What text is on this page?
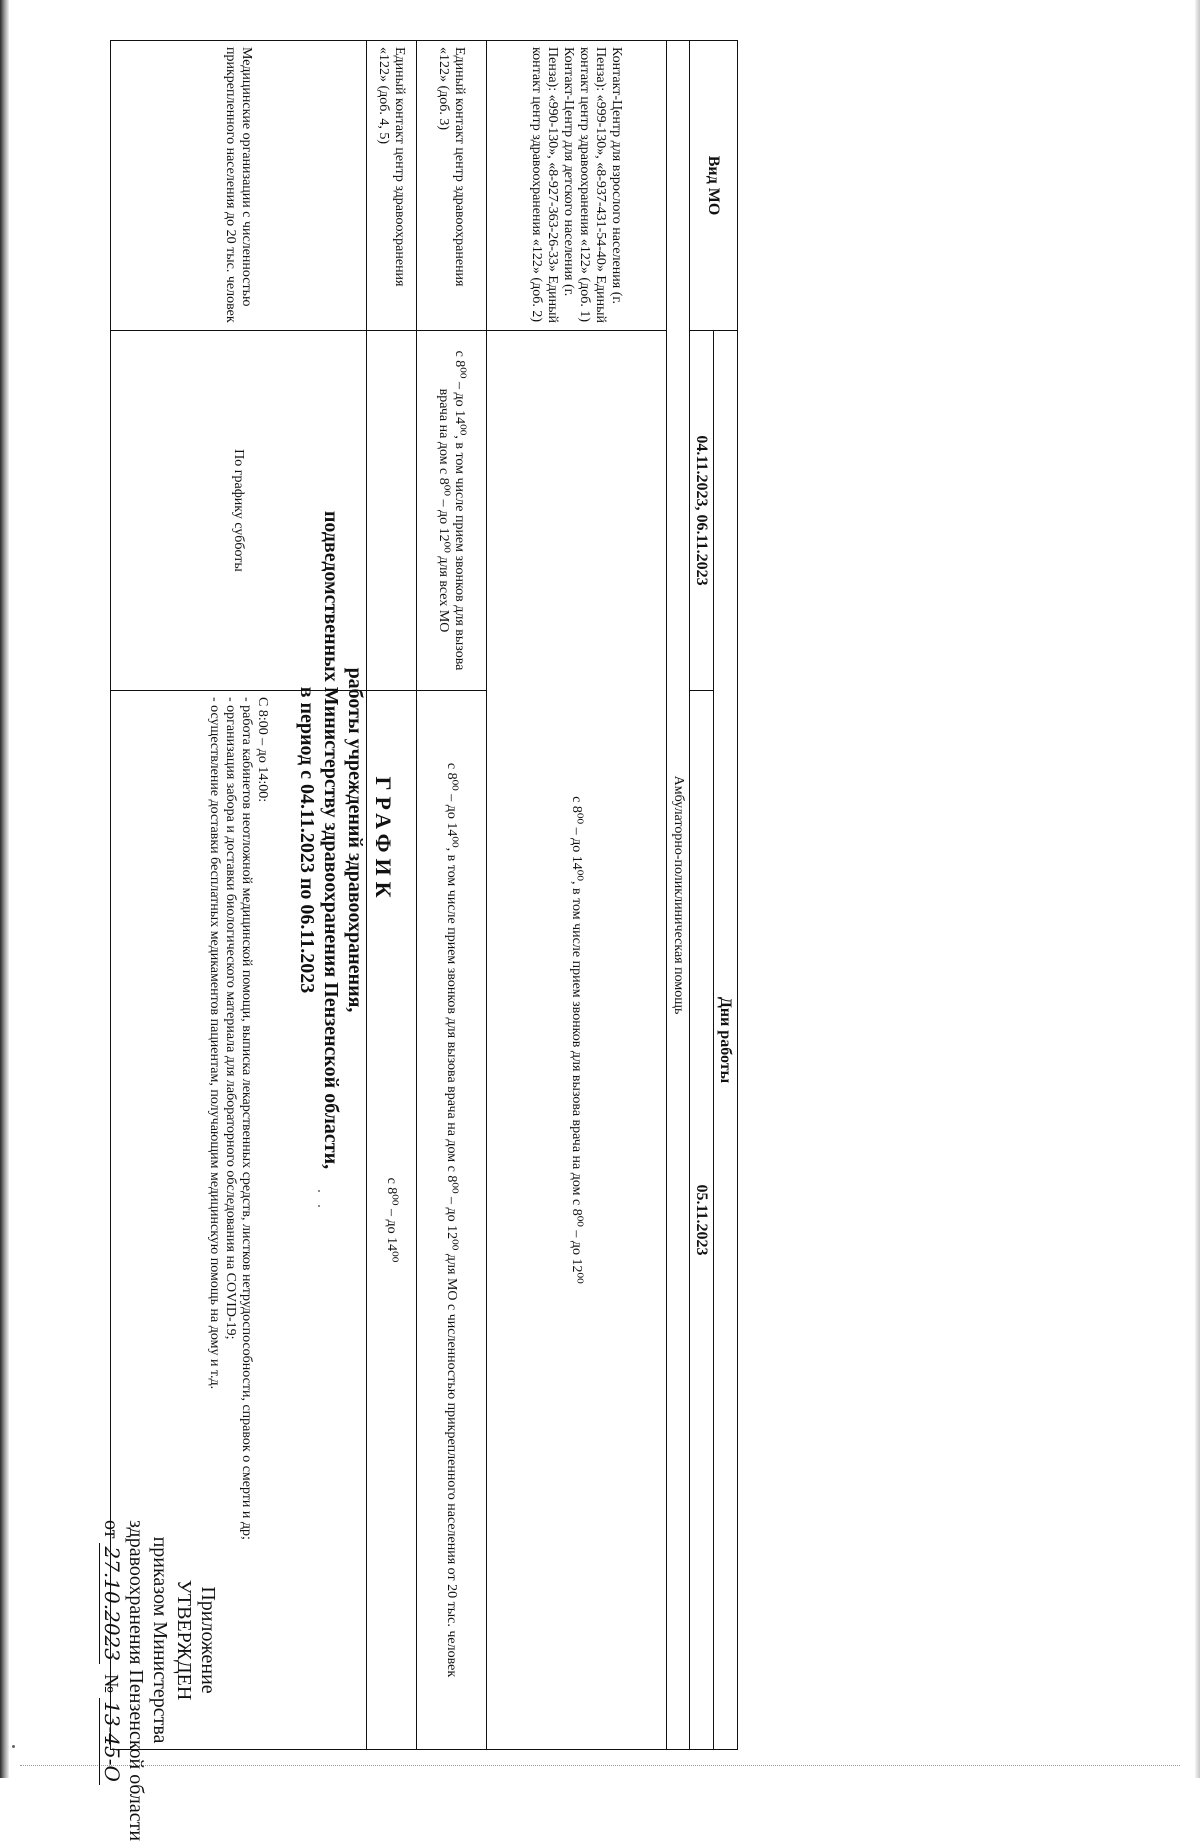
Приложение
УТВЕРЖДЕН
приказом Министерства
здравоохранения Пензенской области
от 27.10.2023  № 13-45-О
ГРАФИК
работы учреждений здравоохранения,
подведомственных Министерству здравоохранения Пензенской области,
в период с 04.11.2023 по 06.11.2023
Вид МО	Дни работы	
	04.11.2023, 06.11.2023	05.11.2023
Амбулаторно-поликлиническая помощь		
Контакт-Центр для взрослого населения (г. Пенза): «999-130», «8-937-431-54-40» Единый контакт центр здравоохранения «122» (доб. 1) Контакт-Центр для детского населения (г. Пенза): «990-130», «8-927-363-26-33» Единый контакт центр здравоохранения «122» (доб. 2)	с 8⁰⁰ – до 14⁰⁰, в том числе прием звонков для вызова врача на дом с 8⁰⁰ – до 12⁰⁰	
Единый контакт центр здравоохранения «122» (доб. 3)	с 8⁰⁰ – до 14⁰⁰, в том числе прием звонков для вызова врача на дом с 8⁰⁰ – до 12⁰⁰ для всех МО	с 8⁰⁰ – до 14⁰⁰, в том числе прием звонков для вызова врача на дом с 8⁰⁰ – до 12⁰⁰ для МО с численностью прикрепленного населения от 20 тыс. человек
Единый контакт центр здравоохранения «122» (доб. 4, 5)		с 8⁰⁰ – до 14⁰⁰
Медицинские организации с численностью прикрепленного населения до 20 тыс. человек	По графику субботы	С 8:00 – до 14:00:
- работа кабинетов неотложной медицинской помощи, выписка лекарственных средств, листков нетрудоспособности, справок о смерти и др;
- организация забора и доставки биологического материала для лабораторного обследования на COVID-19;
- осуществление доставки бесплатных медикаментов пациентам, получающим медицинскую помощь на дому и т.д.
